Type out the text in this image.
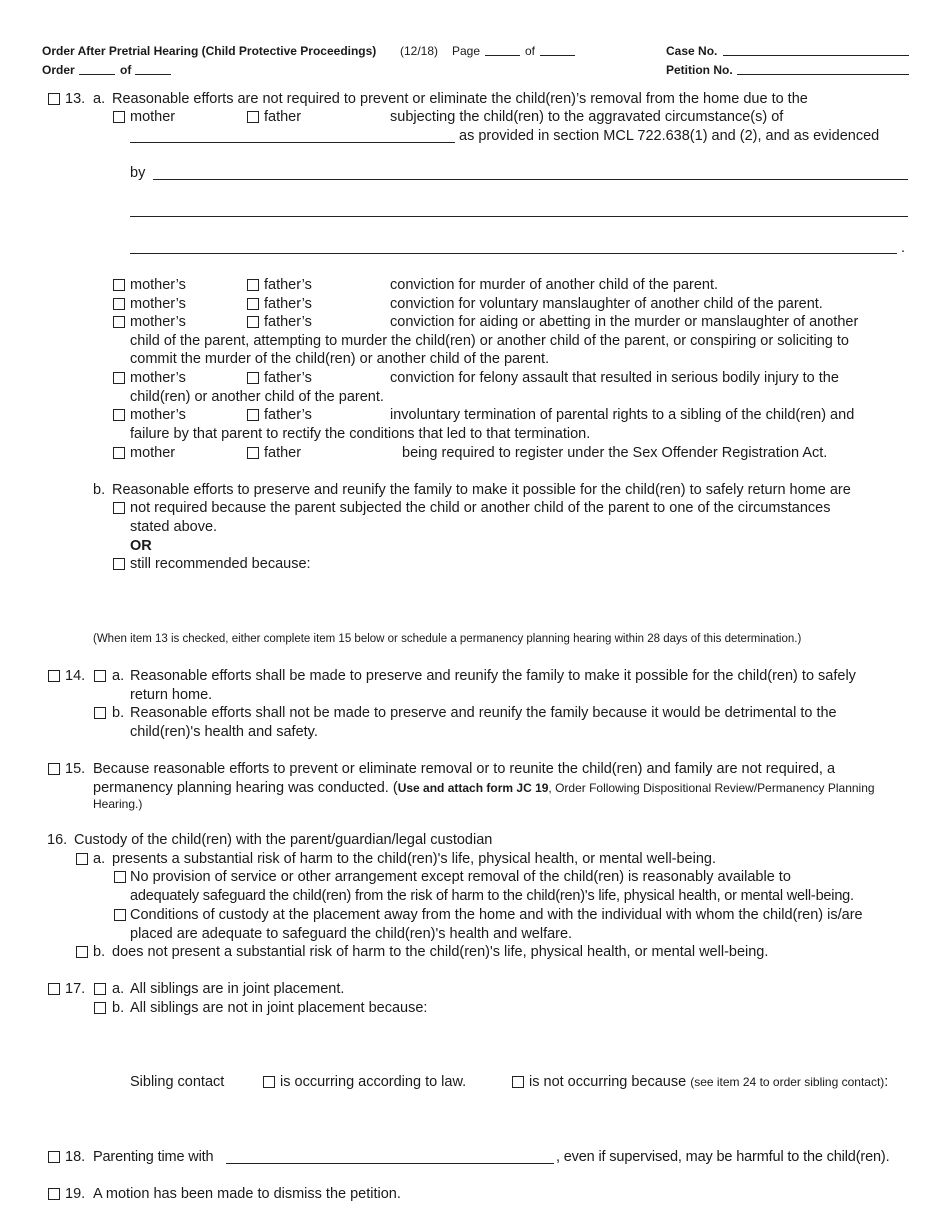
Order After Pretrial Hearing (Child Protective Proceedings) (12/18) Page	of
Order	of
Case No.
Petition No.
13. a. Reasonable efforts are not required to prevent or eliminate the child(ren)’s removal from the home due to the
mother	father	subjecting the child(ren) to the aggravated circumstance(s) of
as provided in section MCL 722.638(1) and (2), and as evidenced
by
.
mother’s	father’s	conviction for murder of another child of the parent.
mother’s	father’s	conviction for voluntary manslaughter of another child of the parent.
mother’s	father’s	conviction for aiding or abetting in the murder or manslaughter of another
child of the parent, attempting to murder the child(ren) or another child of the parent, or conspiring or soliciting to
commit the murder of the child(ren) or another child of the parent.
mother’s	father’s	conviction for felony assault that resulted in serious bodily injury to the
child(ren) or another child of the parent.
mother’s	father’s	involuntary termination of parental rights to a sibling of the child(ren) and
failure by that parent to rectify the conditions that led to that termination.
mother	father	being required to register under the Sex Offender Registration Act.
b. Reasonable efforts to preserve and reunify the family to make it possible for the child(ren) to safely return home are
not required because the parent subjected the child or another child of the parent to one of the circumstances
stated above.
OR
still recommended because:
(When item 13 is checked, either complete item 15 below or schedule a permanency planning hearing within 28 days of this determination.)
14. a. Reasonable efforts shall be made to preserve and reunify the family to make it possible for the child(ren) to safely
return home.
b. Reasonable efforts shall not be made to preserve and reunify the family because it would be detrimental to the
child(ren)'s health and safety.
15. Because reasonable efforts to prevent or eliminate removal or to reunite the child(ren) and family are not required, a
permanency planning hearing was conducted. (Use and attach form JC 19, Order Following Dispositional Review/Permanency Planning
Hearing.)
16. Custody of the child(ren) with the parent/guardian/legal custodian
a. presents a substantial risk of harm to the child(ren)'s life, physical health, or mental well-being.
No provision of service or other arrangement except removal of the child(ren) is reasonably available to
adequately safeguard the child(ren) from the risk of harm to the child(ren)'s life, physical health, or mental well-being.
Conditions of custody at the placement away from the home and with the individual with whom the child(ren) is/are
placed are adequate to safeguard the child(ren)'s health and welfare.
b. does not present a substantial risk of harm to the child(ren)'s life, physical health, or mental well-being.
17. a. All siblings are in joint placement.
b. All siblings are not in joint placement because:
Sibling contact	is occurring according to law.	is not occurring because (see item 24 to order sibling contact):
18. Parenting time with	, even if supervised, may be harmful to the child(ren).
19. A motion has been made to dismiss the petition.
